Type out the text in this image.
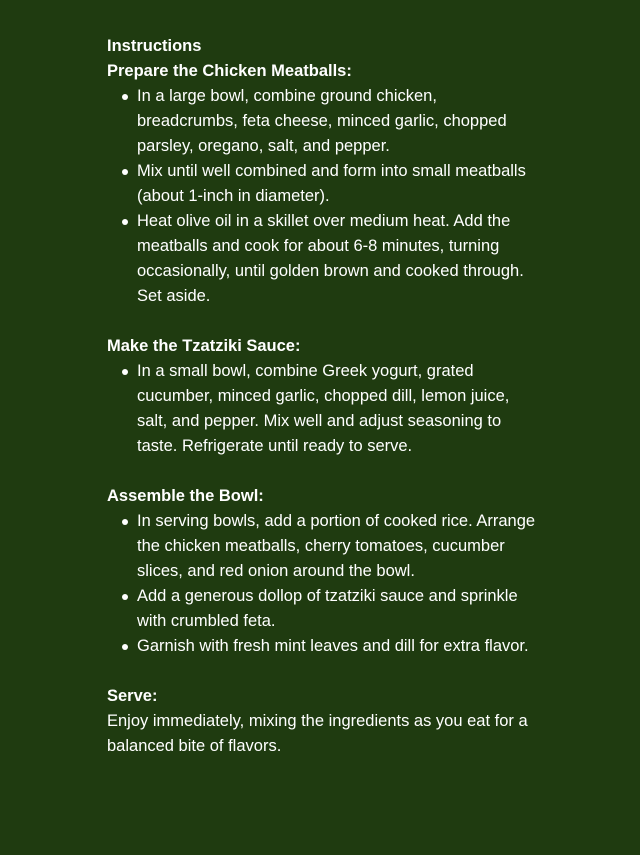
Instructions
Prepare the Chicken Meatballs:
In a large bowl, combine ground chicken, breadcrumbs, feta cheese, minced garlic, chopped parsley, oregano, salt, and pepper.
Mix until well combined and form into small meatballs (about 1-inch in diameter).
Heat olive oil in a skillet over medium heat. Add the meatballs and cook for about 6-8 minutes, turning occasionally, until golden brown and cooked through. Set aside.
Make the Tzatziki Sauce:
In a small bowl, combine Greek yogurt, grated cucumber, minced garlic, chopped dill, lemon juice, salt, and pepper. Mix well and adjust seasoning to taste. Refrigerate until ready to serve.
Assemble the Bowl:
In serving bowls, add a portion of cooked rice. Arrange the chicken meatballs, cherry tomatoes, cucumber slices, and red onion around the bowl.
Add a generous dollop of tzatziki sauce and sprinkle with crumbled feta.
Garnish with fresh mint leaves and dill for extra flavor.
Serve:

Enjoy immediately, mixing the ingredients as you eat for a balanced bite of flavors.
